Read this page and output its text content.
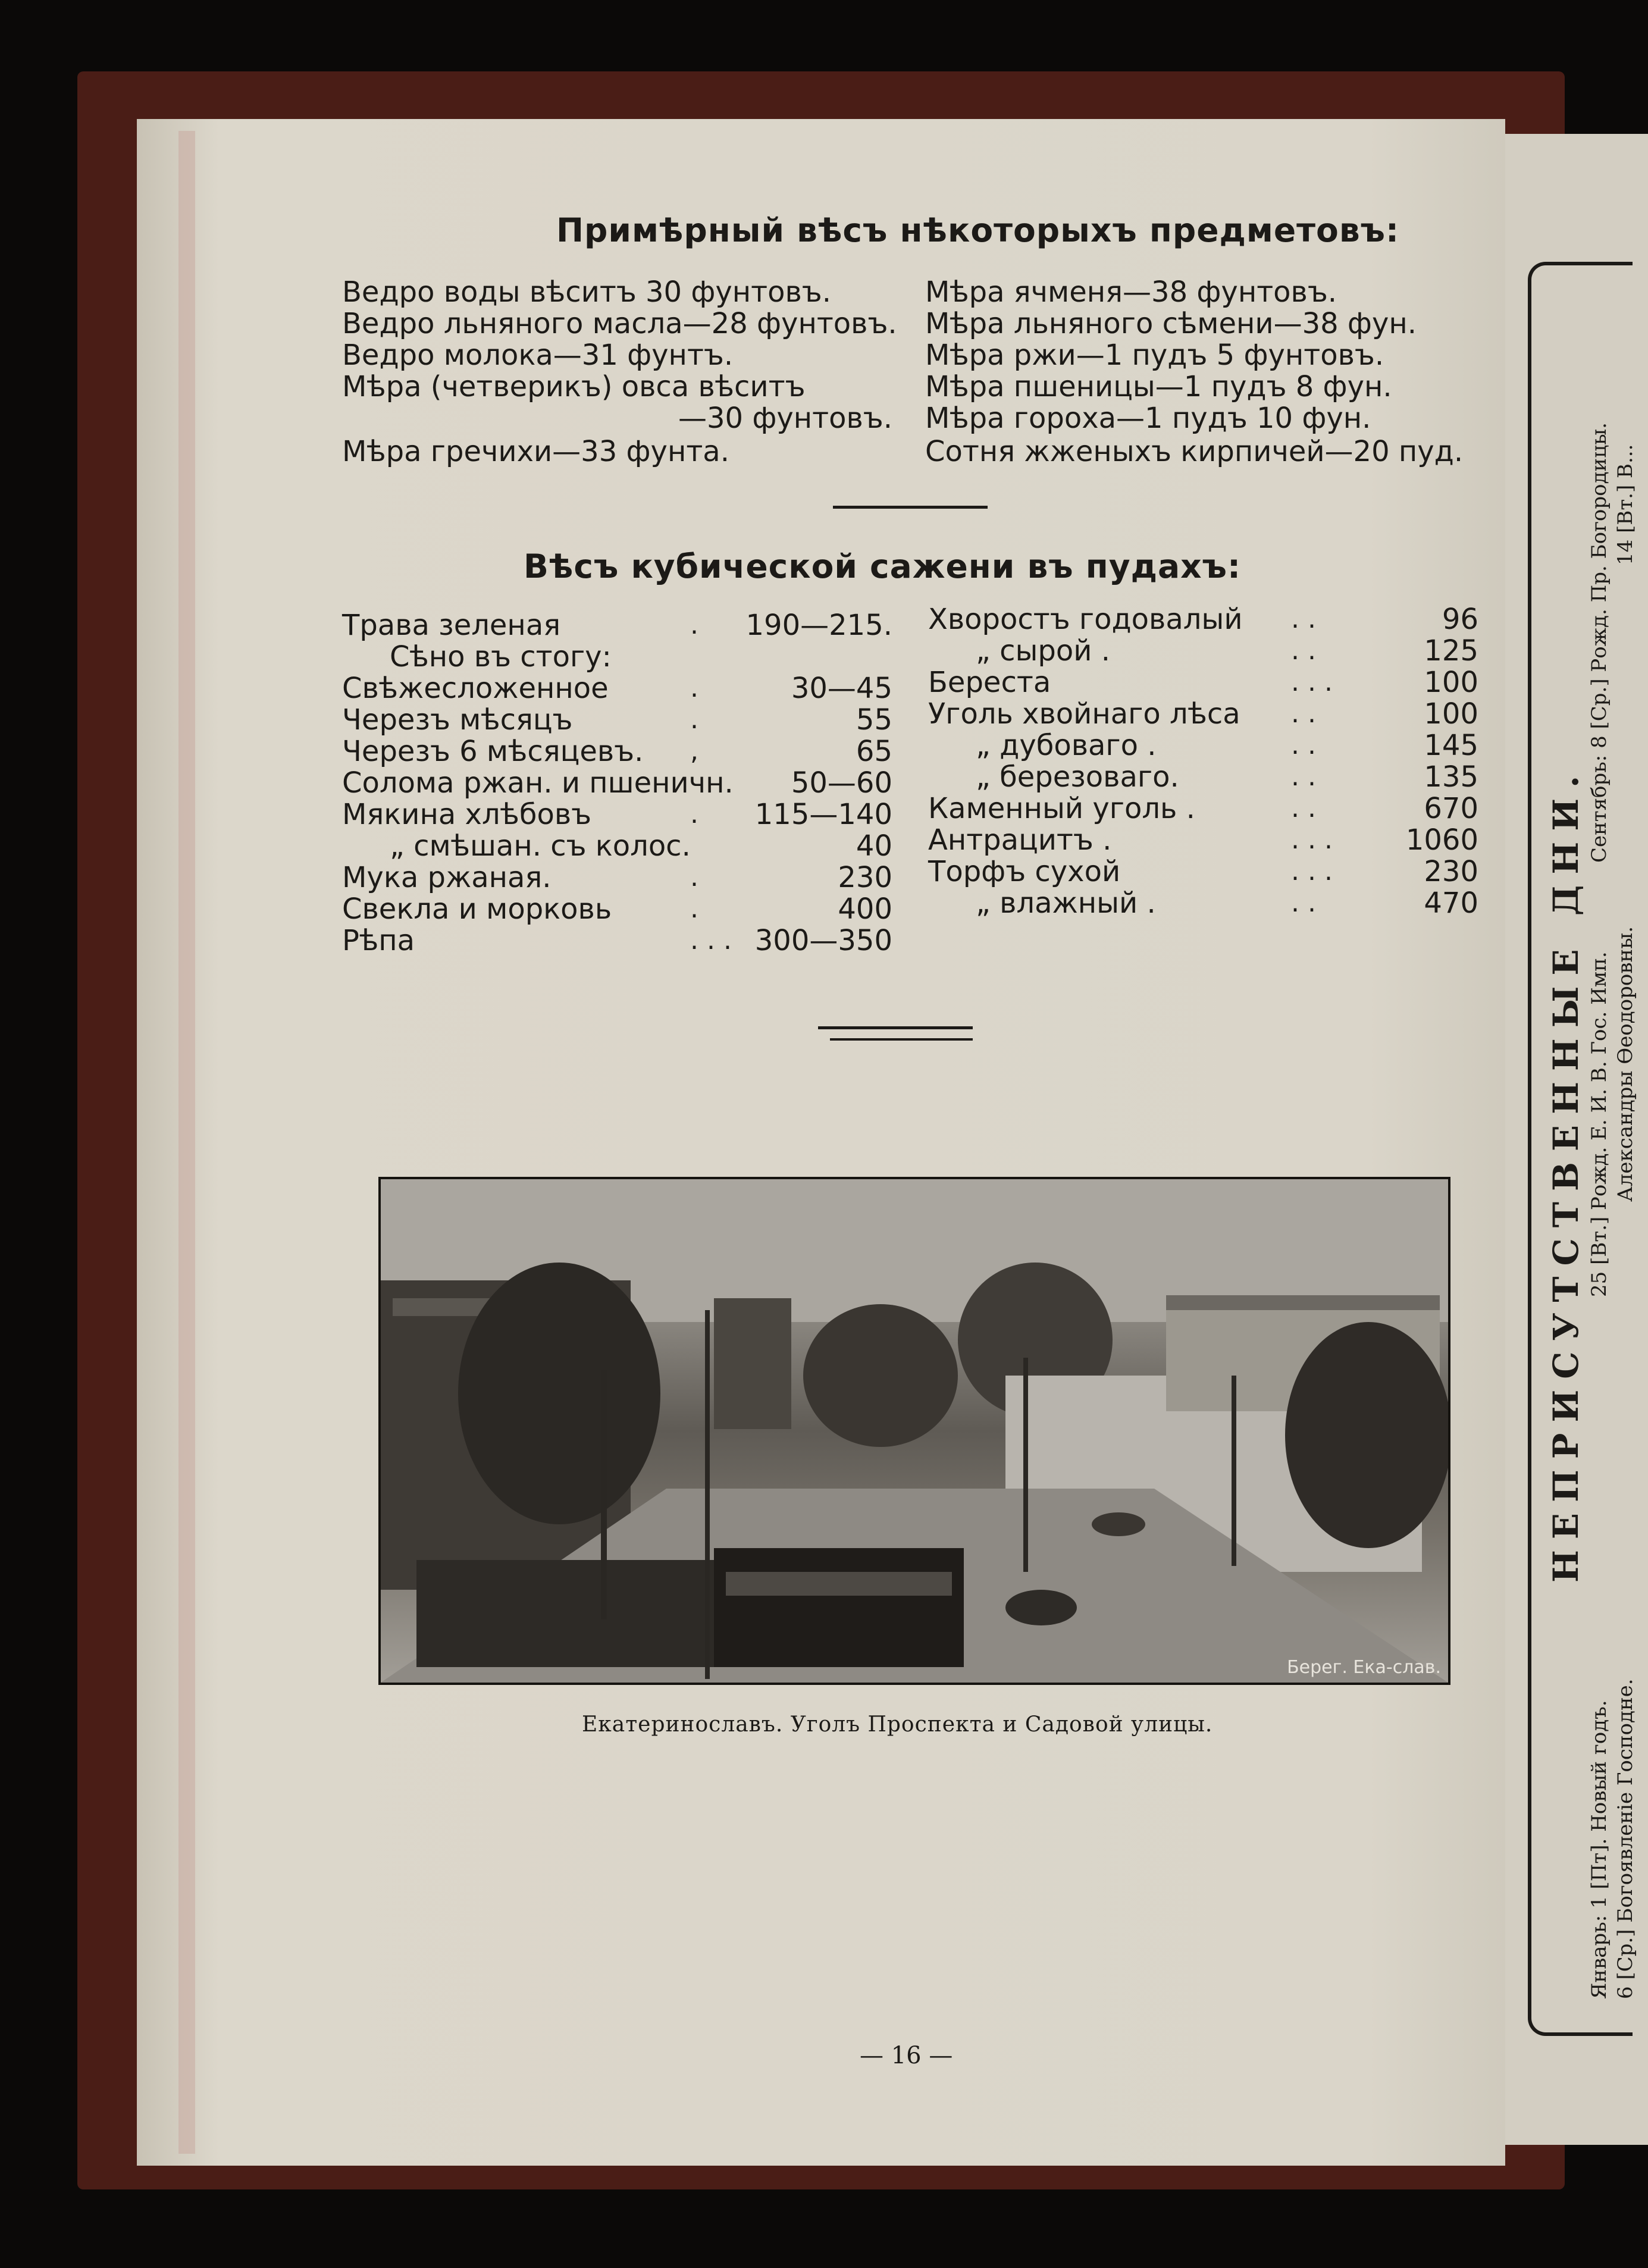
Примѣрный вѣсъ нѣкоторыхъ предметовъ:
Ведро воды вѣситъ 30 фунтовъ.
Ведро льняного масла—28 фунтовъ.
Ведро молока—31 фунтъ.
Мѣра (четверикъ) овса вѣситъ
—30 фунтовъ.
Мѣра гречихи—33 фунта.
Мѣра ячменя—38 фунтовъ.
Мѣра льняного сѣмени—38 фун.
Мѣра ржи—1 пудъ 5 фунтовъ.
Мѣра пшеницы—1 пудъ 8 фун.
Мѣра гороха—1 пудъ 10 фун.
Сотня жженыхъ кирпичей—20 пуд.
Вѣсъ кубической сажени въ пудахъ:
Трава зеленая	. 190—215.
Сѣно въ стогу:
Свѣжесложенное	.	30—45
Черезъ мѣсяцъ	.	55
Черезъ 6 мѣсяцевъ. ,	65
Солома ржан. и пшеничн.	50—60
Мякина хлѣбовъ	.	115—140
„ смѣшан. съ колос.	40
Мука ржаная.	.	230
Свекла и морковь	.	400
Рѣпа	. . . 300—350
Хворостъ годовалый . .	96
„ сырой .	. .	125
Береста	. . .	100
Уголь хвойнаго лѣса . .	100
„ дубоваго .	. .	145
„ березоваго.	. .	135
Каменный уголь .	. .	670
Антрацитъ .	. . .	1060
Торфъ сухой	. . .	230
„ влажный .	. .	470
Берег. Ека-слав.
Екатеринославъ. Уголъ Проспекта и Садовой улицы.
— 16 —
НЕПРИСУТСТВЕННЫЕ ДНИ.
Январь: 1 [Пт]. Новый годъ. 6 [Ср.] Богоявленіе Господне.
25 [Вт.] Рожд. Е. И. В. Гос. Имп. Александры Ѳеодоровны.
Сентябрь: 8 [Ср.] Рожд. Пр. Богородицы. 14 [Вт.] В...
